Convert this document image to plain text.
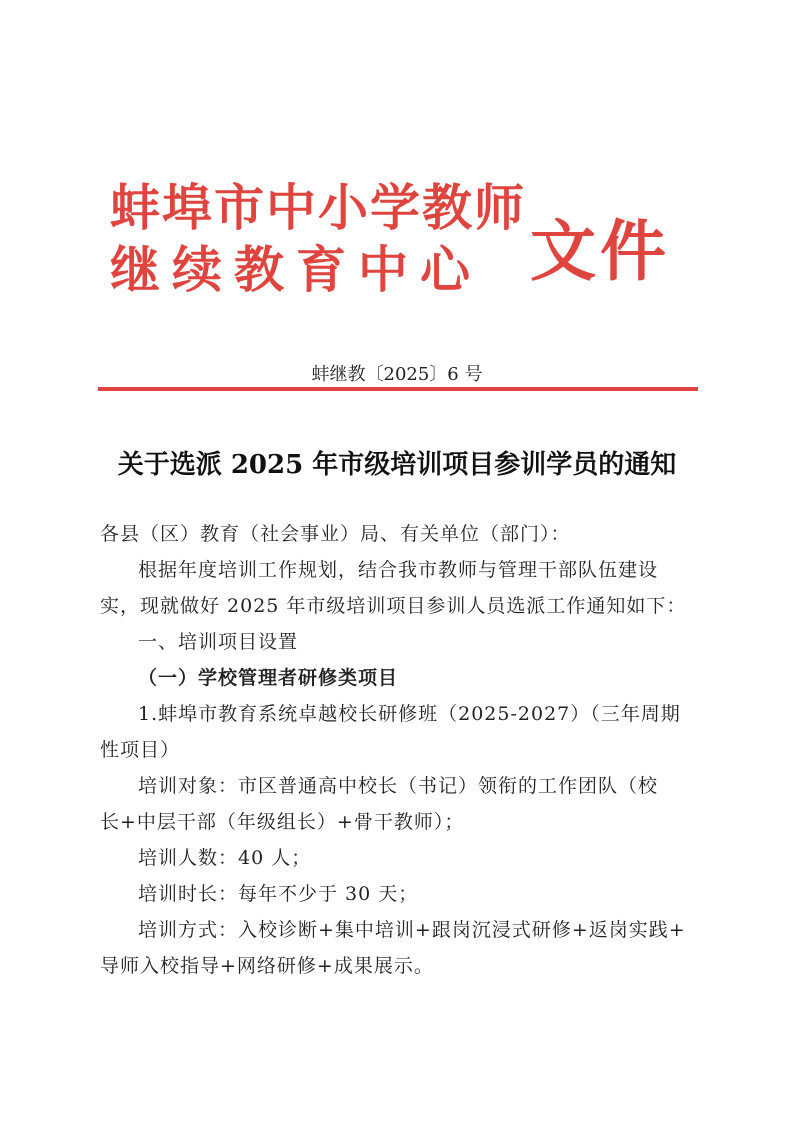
蚌埠市中小学教师
继续教育中心 文件
蚌继教〔2025〕6 号
关于选派 2025 年市级培训项目参训学员的通知

各县（区）教育（社会事业）局、有关单位（部门）：

根据年度培训工作规划，结合我市教师与管理干部队伍建设

实，现就做好 2025 年市级培训项目参训人员选派工作通知如下：

一、培训项目设置

（一）学校管理者研修类项目

1.蚌埠市教育系统卓越校长研修班（2025-2027）（三年周期

性项目）

培训对象：市区普通高中校长（书记）领衔的工作团队（校

长+中层干部（年级组长）+骨干教师）；

培训人数：40 人；

培训时长：每年不少于 30 天；

培训方式：入校诊断+集中培训+跟岗沉浸式研修+返岗实践+

导师入校指导+网络研修+成果展示。
